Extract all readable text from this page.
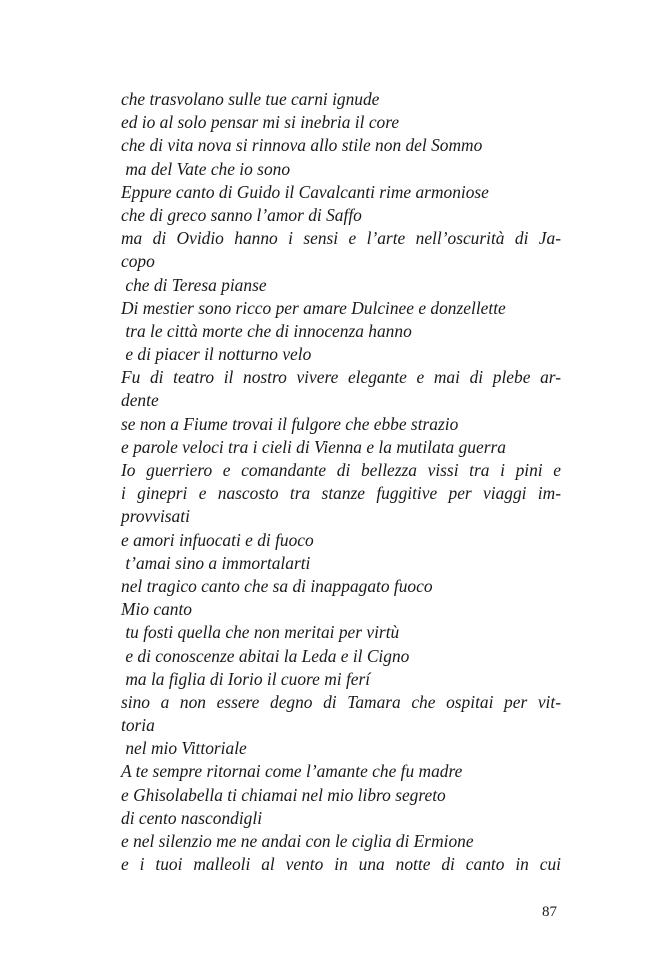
che trasvolano sulle tue carni ignude
ed io al solo pensar mi si inebria il core
che di vita nova si rinnova allo stile non del Sommo
ma del Vate che io sono
Eppure canto di Guido il Cavalcanti rime armoniose
che di greco sanno l’amor di Saffo
ma di Ovidio hanno i sensi e l’arte nell’oscurità di Ja-
copo
che di Teresa pianse
Di mestier sono ricco per amare Dulcinee e donzellette
tra le città morte che di innocenza hanno
e di piacer il notturno velo
Fu di teatro il nostro vivere elegante e mai di plebe ar-
dente
se non a Fiume trovai il fulgore che ebbe strazio
e parole veloci tra i cieli di Vienna e la mutilata guerra
Io guerriero e comandante di bellezza vissi tra i pini e
i ginepri e nascosto tra stanze fuggitive per viaggi im-
provvisati
e amori infuocati e di fuoco
t’amai sino a immortalarti
nel tragico canto che sa di inappagato fuoco
Mio canto
tu fosti quella che non meritai per virtù
e di conoscenze abitai la Leda e il Cigno
ma la figlia di Iorio il cuore mi ferí
sino a non essere degno di Tamara che ospitai per vit-
toria
nel mio Vittoriale
A te sempre ritornai come l’amante che fu madre
e Ghisolabella ti chiamai nel mio libro segreto
di cento nascondigli
e nel silenzio me ne andai con le ciglia di Ermione
e i tuoi malleoli al vento in una notte di canto in cui
87
